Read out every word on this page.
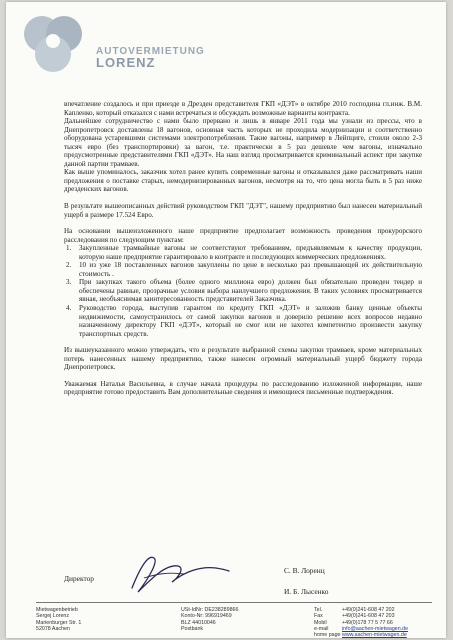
AUTOVERMIETUNG
LORENZ

впечатление создалось и при приезде в Дрезден представителя ГКП «ДЭТ» в октябре 2010 господина гл.инж. В.М. Капленко, который отказался с нами встречаться и обсуждать возможные варианты контракта.

Дальнейшее сотрудничество с нами было прервано и лишь в январе 2011 года мы узнали из прессы, что в Днепропетровск доставлены 18 вагонов, основная часть которых не проходила модернизации и соответственно оборудована устаревшими системами электропотребления. Такие вагоны, например в Лейпциге, стоили около 2-3 тысяч евро (без транспортировки) за вагон, т.е. практически в 5 раз дешевле чем вагоны, изначально предусмотренные представителями ГКП «ДЭТ». На наш взгляд просматривается криминальный аспект при закупке данной партии трамваев.

Как выше упоминалось, заказчик хотел ранее купить современные вагоны и отказывался даже рассматривать наши предложения о поставке старых, немодернизированных вагонов, несмотря на то, что цена могла быть в 5 раз ниже дрезденских вагонов.

В результате вышеописанных действий руководством ГКП "ДЭТ", нашему предприятию был нанесен материальный ущерб в размере 17.524 Евро.

На основании вышеизложенного наше предприятие предполагает возможность проведения прокурорского расследования по следующим пунктам:

1. Закупленные трамвайные вагоны не соответствуют требованиям, предъявляемым к качеству продукции, которую наше предприятие гарантировало в контракте и последующих коммерческих предложениях.
2. 10 из уже 18 поставленных вагонов закуплены по цене в несколько раз превышающей их действительную стоимость .
3. При закупках такого объема (более одного миллиона евро) должен был обязательно проведен тендер и обеспечены равные, прозрачные условия выбора наилучшего предложения. В таких условиях просматривается явная, необъяснимая заинтересованность представителей Заказчика.
4. Руководство города, выступив гарантом по кредиту ГКП «ДЭТ» и заложив банку ценные объекты недвижимости, самоустранилось от самой закупки вагонов и доверило решение всех вопросов недавно назначенному директору ГКП «ДЭТ», который не смог или не захотел компетентно произвести закупку транспортных средств.

Из вышеуказанного можно утверждать, что в результате выбранной схемы закупки трамваев, кроме материальных потерь нанесенных нашему предприятию, также нанесен огромный материальный ущерб бюджету города Днепропетровск.

Уважаемая Наталья Васильевна, в случае начала процедуры по расследованию изложенной информации, наше предприятие готово предоставить Вам дополнительные сведения и имеющиеся письменные подтверждения.

Директор
С. В. Лоренц
И. Б. Лысенко
Mietwagenbetrieb
Sergej Lorenz
Marienburger Str. 1
52078 Aachen
USt-IdNr: DE238289866
Konto-Nr: 996919469
BLZ 44010046
Postbank
Tel.	+49(0)241-608 47 202
Fax	+49(0)241-608 47 203
Mobil	+49(0)178 77 5 77 66
e-mail	info@aachen-mietwagen.de
home page www.aachen-mietwagen.de
